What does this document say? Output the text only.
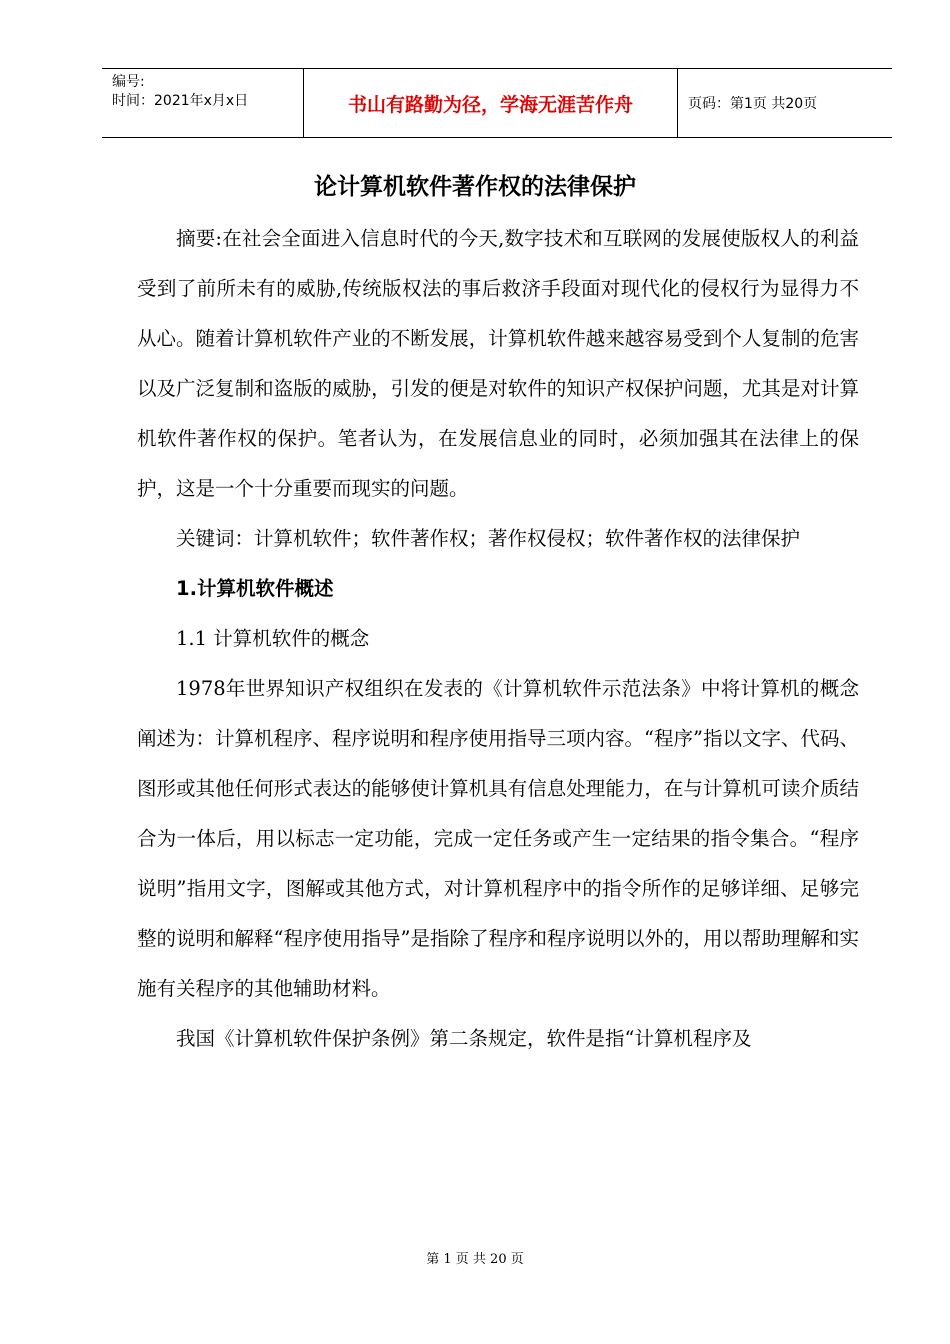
编号:
时间：2021年x月x日	书山有路勤为径，学海无涯苦作舟	页码：第1页 共20页
论计算机软件著作权的法律保护

摘要:在社会全面进入信息时代的今天,数字技术和互联网的发展使版权人的利益受到了前所未有的威胁,传统版权法的事后救济手段面对现代化的侵权行为显得力不从心。随着计算机软件产业的不断发展，计算机软件越来越容易受到个人复制的危害以及广泛复制和盗版的威胁，引发的便是对软件的知识产权保护问题，尤其是对计算机软件著作权的保护。笔者认为，在发展信息业的同时，必须加强其在法律上的保护，这是一个十分重要而现实的问题。

关键词：计算机软件；软件著作权；著作权侵权；软件著作权的法律保护

1.计算机软件概述

1.1 计算机软件的概念

1978年世界知识产权组织在发表的《计算机软件示范法条》中将计算机的概念阐述为：计算机程序、程序说明和程序使用指导三项内容。“程序”指以文字、代码、图形或其他任何形式表达的能够使计算机具有信息处理能力，在与计算机可读介质结合为一体后，用以标志一定功能，完成一定任务或产生一定结果的指令集合。“程序说明”指用文字，图解或其他方式，对计算机程序中的指令所作的足够详细、足够完整的说明和解释“程序使用指导”是指除了程序和程序说明以外的，用以帮助理解和实施有关程序的其他辅助材料。

我国《计算机软件保护条例》第二条规定，软件是指“计算机程序及

第 1 页 共 20 页
